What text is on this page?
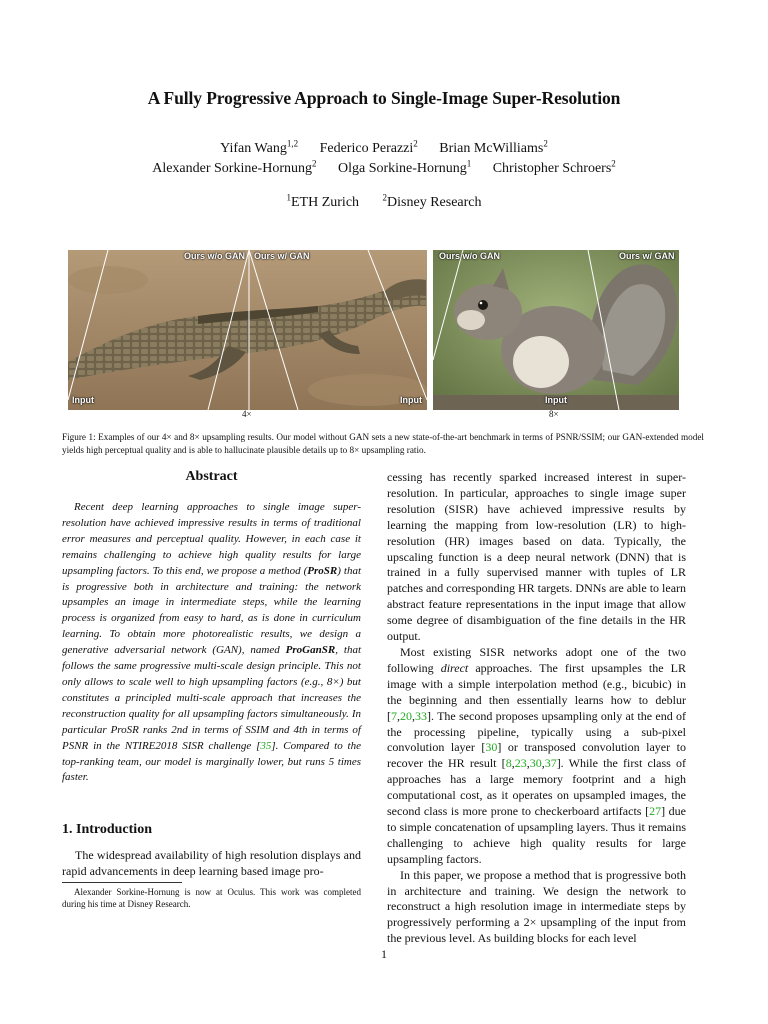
A Fully Progressive Approach to Single-Image Super-Resolution
Yifan Wang$^{1,2}$ Federico Perazzi$^2$ Brian McWilliams$^2$
Alexander Sorkine-Hornung$^2$ Olga Sorkine-Hornung$^1$ Christopher Schroers$^2$
$^1$ETH Zurich	$^2$Disney Research
Ours w/o GAN Ours w/ GAN
Input	Input
Ours w/o GAN	Ours w/ GAN
Input
4×	8×
Figure 1: Examples of our 4× and 8× upsampling results. Our model without GAN sets a new state-of-the-art benchmark in terms of PSNR/SSIM; our GAN-extended model yields high perceptual quality and is able to hallucinate plausible details up to 8× upsampling ratio.
Abstract

Recent deep learning approaches to single image super-resolution have achieved impressive results in terms of traditional error measures and perceptual quality. However, in each case it remains challenging to achieve high quality results for large upsampling factors. To this end, we propose a method (ProSR) that is progressive both in architecture and training: the network upsamples an image in intermediate steps, while the learning process is organized from easy to hard, as is done in curriculum learning. To obtain more photorealistic results, we design a generative adversarial network (GAN), named ProGanSR, that follows the same progressive multi-scale design principle. This not only allows to scale well to high upsampling factors (e.g., 8×) but constitutes a principled multi-scale approach that increases the reconstruction quality for all upsampling factors simultaneously. In particular ProSR ranks 2nd in terms of SSIM and 4th in terms of PSNR in the NTIRE2018 SISR challenge [35]. Compared to the top-ranking team, our model is marginally lower, but runs 5 times faster.

1. Introduction

The widespread availability of high resolution displays and rapid advancements in deep learning based image pro-

Alexander Sorkine-Hornung is now at Oculus. This work was completed during his time at Disney Research.

cessing has recently sparked increased interest in super-resolution. In particular, approaches to single image super resolution (SISR) have achieved impressive results by learning the mapping from low-resolution (LR) to high-resolution (HR) images based on data. Typically, the upscaling function is a deep neural network (DNN) that is trained in a fully supervised manner with tuples of LR patches and corresponding HR targets. DNNs are able to learn abstract feature representations in the input image that allow some degree of disambiguation of the fine details in the HR output.

Most existing SISR networks adopt one of the two following direct approaches. The first upsamples the LR image with a simple interpolation method (e.g., bicubic) in the beginning and then essentially learns how to deblur [7,20,33]. The second proposes upsampling only at the end of the processing pipeline, typically using a sub-pixel convolution layer [30] or transposed convolution layer to recover the HR result [8,23,30,37]. While the first class of approaches has a large memory footprint and a high computational cost, as it operates on upsampled images, the second class is more prone to checkerboard artifacts [27] due to simple concatenation of upsampling layers. Thus it remains challenging to achieve high quality results for large upsampling factors.

In this paper, we propose a method that is progressive both in architecture and training. We design the network to reconstruct a high resolution image in intermediate steps by progressively performing a 2× upsampling of the input from the previous level. As building blocks for each level

1
